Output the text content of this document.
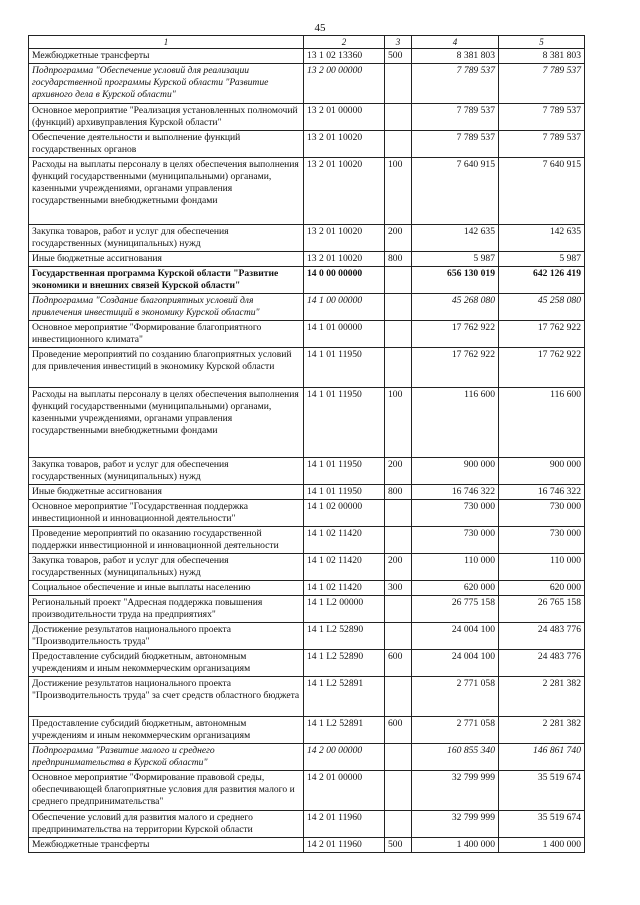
45
1	2	3	4	5
Межбюджетные трансферты	13 1 02 13360	500	8 381 803	8 381 803
Подпрограмма "Обеспечение условий для реализации государственной программы Курской области "Развитие архивного дела в Курской области"	13 2 00 00000		7 789 537	7 789 537
Основное мероприятие "Реализация установленных полномочий (функций) архивуправления Курской области"	13 2 01 00000		7 789 537	7 789 537
Обеспечение деятельности и выполнение функций государственных органов	13 2 01 10020		7 789 537	7 789 537
Расходы на выплаты персоналу в целях обеспечения выполнения функций государственными (муниципальными) органами, казенными учреждениями, органами управления государственными внебюджетными фондами	13 2 01 10020	100	7 640 915	7 640 915
Закупка товаров, работ и услуг для обеспечения государственных (муниципальных) нужд	13 2 01 10020	200	142 635	142 635
Иные бюджетные ассигнования	13 2 01 10020	800	5 987	5 987
Государственная программа Курской области "Развитие экономики и внешних связей Курской области"	14 0 00 00000		656 130 019	642 126 419
Подпрограмма "Создание благоприятных условий для привлечения инвестиций в экономику Курской области"	14 1 00 00000		45 268 080	45 258 080
Основное мероприятие "Формирование благоприятного инвестиционного климата"	14 1 01 00000		17 762 922	17 762 922
Проведение мероприятий по созданию благоприятных условий для привлечения инвестиций в экономику Курской области	14 1 01 11950		17 762 922	17 762 922
Расходы на выплаты персоналу в целях обеспечения выполнения функций государственными (муниципальными) органами, казенными учреждениями, органами управления государственными внебюджетными фондами	14 1 01 11950	100	116 600	116 600
Закупка товаров, работ и услуг для обеспечения государственных (муниципальных) нужд	14 1 01 11950	200	900 000	900 000
Иные бюджетные ассигнования	14 1 01 11950	800	16 746 322	16 746 322
Основное мероприятие "Государственная поддержка инвестиционной и инновационной деятельности"	14 1 02 00000		730 000	730 000
Проведение мероприятий по оказанию государственной поддержки инвестиционной и инновационной деятельности	14 1 02 11420		730 000	730 000
Закупка товаров, работ и услуг для обеспечения государственных (муниципальных) нужд	14 1 02 11420	200	110 000	110 000
Социальное обеспечение и иные выплаты населению	14 1 02 11420	300	620 000	620 000
Региональный проект "Адресная поддержка повышения производительности труда на предприятиях"	14 1 L2 00000		26 775 158	26 765 158
Достижение результатов национального проекта "Производительность труда"	14 1 L2 52890		24 004 100	24 483 776
Предоставление субсидий бюджетным, автономным учреждениям и иным некоммерческим организациям	14 1 L2 52890	600	24 004 100	24 483 776
Достижение результатов национального проекта "Производительность труда" за счет средств областного бюджета	14 1 L2 52891		2 771 058	2 281 382
Предоставление субсидий бюджетным, автономным учреждениям и иным некоммерческим организациям	14 1 L2 52891	600	2 771 058	2 281 382
Подпрограмма "Развитие малого и среднего предпринимательства в Курской области"	14 2 00 00000		160 855 340	146 861 740
Основное мероприятие "Формирование правовой среды, обеспечивающей благоприятные условия для развития малого и среднего предпринимательства"	14 2 01 00000		32 799 999	35 519 674
Обеспечение условий для развития малого и среднего предпринимательства на территории Курской области	14 2 01 11960		32 799 999	35 519 674
Межбюджетные трансферты	14 2 01 11960	500	1 400 000	1 400 000
